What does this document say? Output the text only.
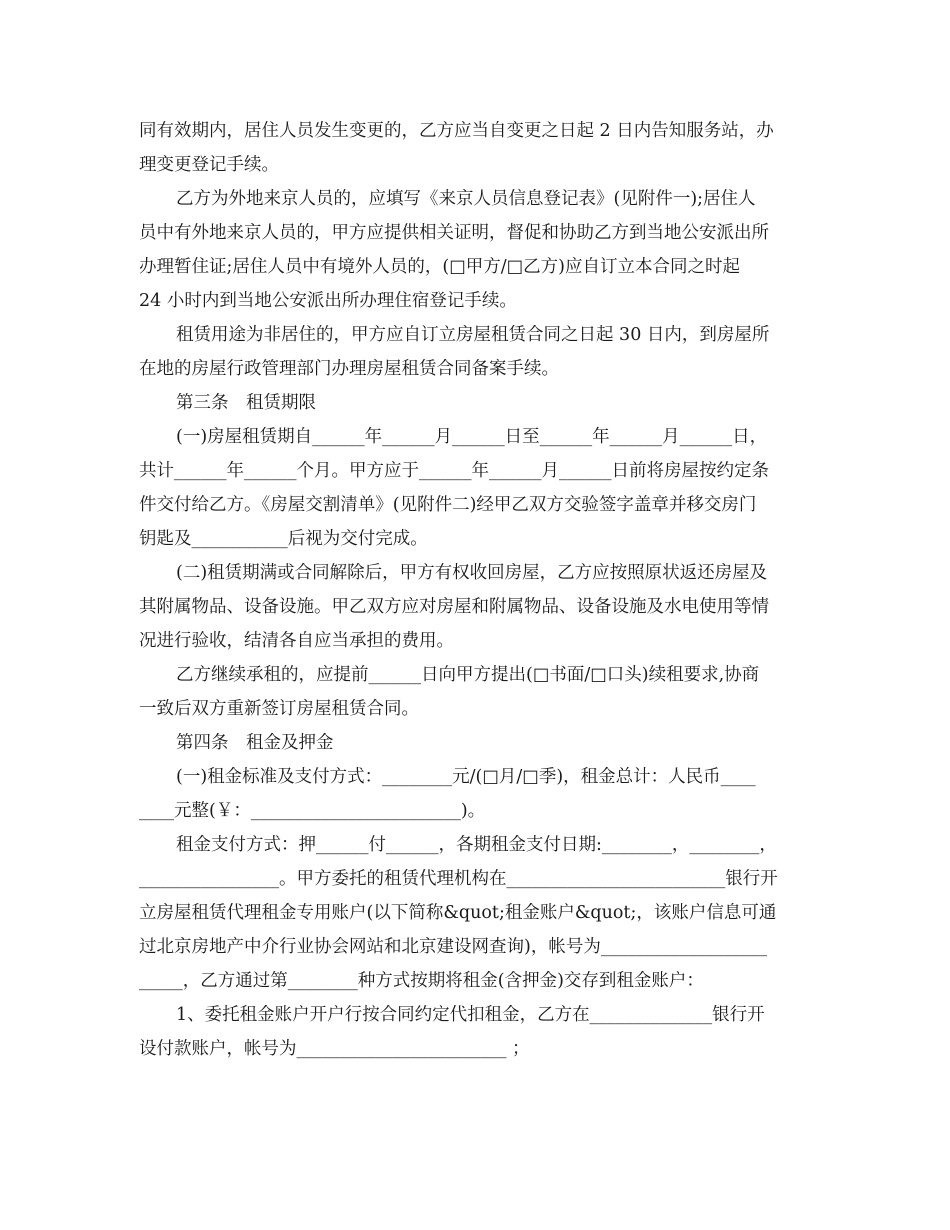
同有效期内，居住人员发生变更的，乙方应当自变更之日起 2 日内告知服务站，办
理变更登记手续。
乙方为外地来京人员的，应填写《来京人员信息登记表》(见附件一);居住人
员中有外地来京人员的，甲方应提供相关证明，督促和协助乙方到当地公安派出所
办理暂住证;居住人员中有境外人员的，(□甲方/□乙方)应自订立本合同之时起
24 小时内到当地公安派出所办理住宿登记手续。
租赁用途为非居住的，甲方应自订立房屋租赁合同之日起 30 日内，到房屋所
在地的房屋行政管理部门办理房屋租赁合同备案手续。
第三条　租赁期限
(一)房屋租赁期自______年______月______日至______年______月______日，
共计______年______个月。甲方应于______年______月______日前将房屋按约定条
件交付给乙方。《房屋交割清单》(见附件二)经甲乙双方交验签字盖章并移交房门
钥匙及___________后视为交付完成。
(二)租赁期满或合同解除后，甲方有权收回房屋，乙方应按照原状返还房屋及
其附属物品、设备设施。甲乙双方应对房屋和附属物品、设备设施及水电使用等情
况进行验收，结清各自应当承担的费用。
乙方继续承租的，应提前______日向甲方提出(□书面/□口头)续租要求,协商
一致后双方重新签订房屋租赁合同。
第四条　租金及押金
(一)租金标准及支付方式：________元/(□月/□季)，租金总计：人民币____
____元整(￥：________________________)。
租金支付方式：押______付______，各期租金支付日期:________，________，
________________。甲方委托的租赁代理机构在_________________________银行开
立房屋租赁代理租金专用账户(以下简称&quot;租金账户&quot;，该账户信息可通
过北京房地产中介行业协会网站和北京建设网查询)，帐号为___________________
_____，乙方通过第________种方式按期将租金(含押金)交存到租金账户：
1、委托租金账户开户行按合同约定代扣租金，乙方在______________银行开
设付款账户，帐号为________________________ ；
